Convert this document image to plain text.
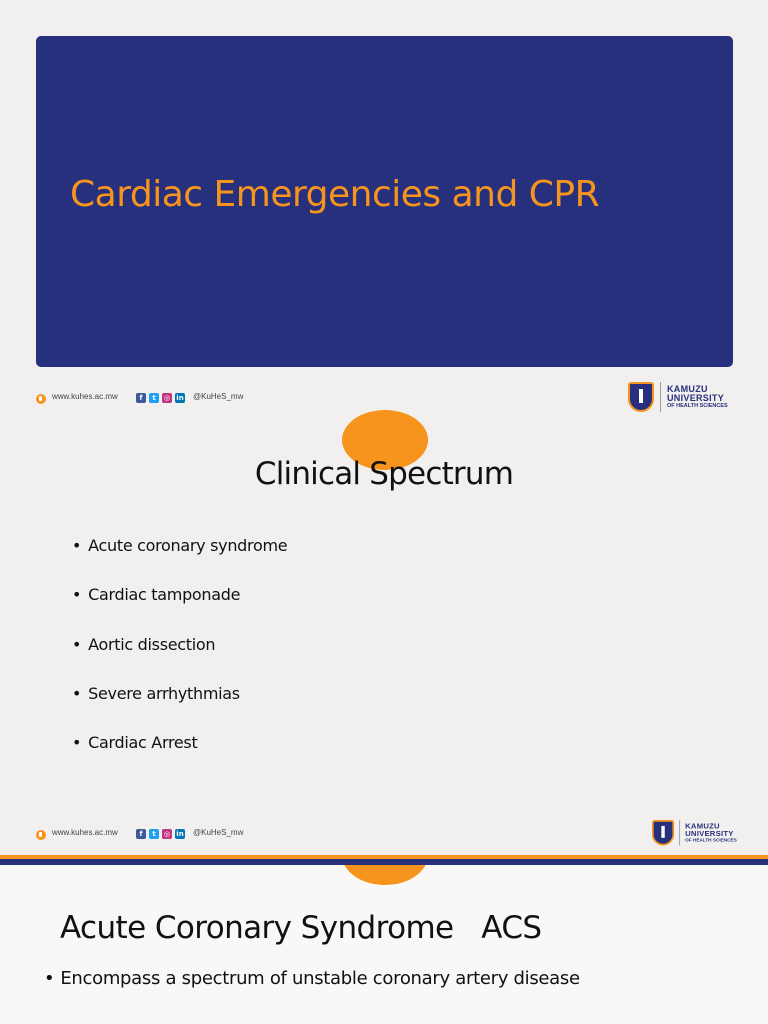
Cardiac Emergencies and CPR
www.kuhes.ac.mw	f	t	◎ in @KuHeS_mw
KAMUZU
UNIVERSITY
OF HEALTH SCIENCES
Clinical Spectrum
• Acute coronary syndrome
• Cardiac tamponade
• Aortic dissection
• Severe arrhythmias
• Cardiac Arrest
www.kuhes.ac.mw	f	t	◎ in @KuHeS_mw
KAMUZU
UNIVERSITY
OF HEALTH SCIENCES
Acute Coronary Syndrome   ACS
• Encompass a spectrum of unstable coronary artery disease
